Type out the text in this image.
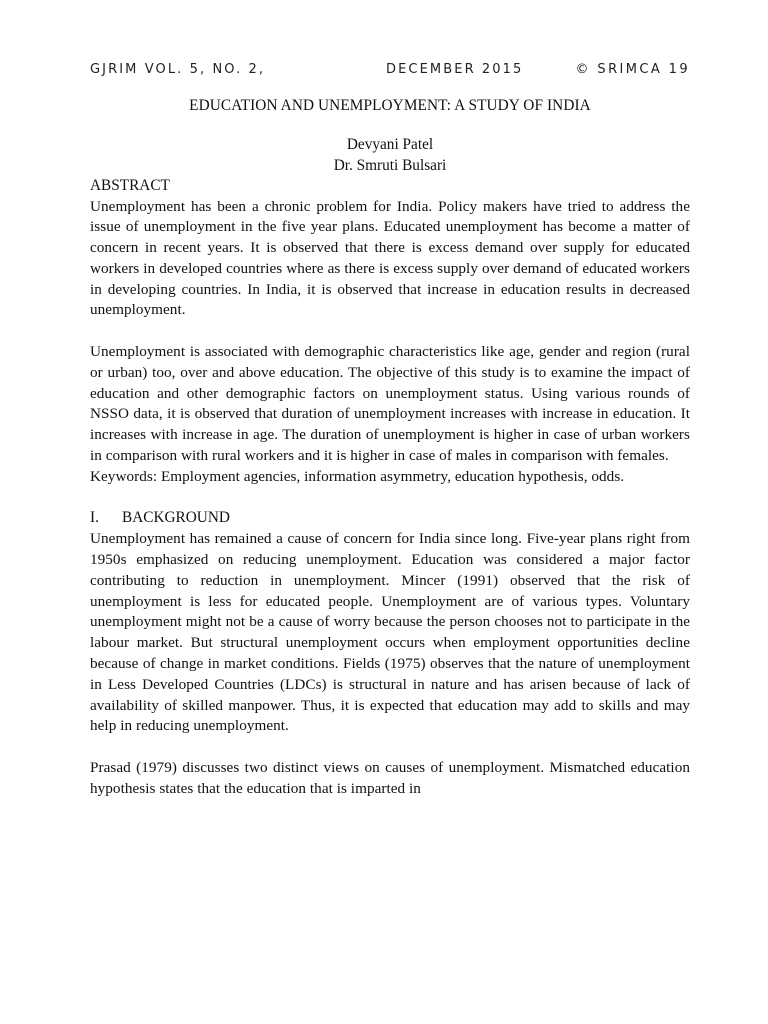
GJRIM VOL. 5, NO. 2,	DECEMBER 2015	© SRIMCA 19
EDUCATION AND UNEMPLOYMENT: A STUDY OF INDIA
Devyani Patel
Dr. Smruti Bulsari
ABSTRACT

Unemployment has been a chronic problem for India. Policy makers have tried to address the issue of unemployment in the five year plans. Educated unemployment has become a matter of concern in recent years. It is observed that there is excess demand over supply for educated workers in developed countries where as there is excess supply over demand of educated workers in developing countries. In India, it is observed that increase in education results in decreased unemployment.

Unemployment is associated with demographic characteristics like age, gender and region (rural or urban) too, over and above education. The objective of this study is to examine the impact of education and other demographic factors on unemployment status. Using various rounds of NSSO data, it is observed that duration of unemployment increases with increase in education. It increases with increase in age. The duration of unemployment is higher in case of urban workers in comparison with rural workers and it is higher in case of males in comparison with females.

Keywords: Employment agencies, information asymmetry, education hypothesis, odds.

I. BACKGROUND

Unemployment has remained a cause of concern for India since long. Five-year plans right from 1950s emphasized on reducing unemployment. Education was considered a major factor contributing to reduction in unemployment. Mincer (1991) observed that the risk of unemployment is less for educated people. Unemployment are of various types. Voluntary unemployment might not be a cause of worry because the person chooses not to participate in the labour market. But structural unemployment occurs when employment opportunities decline because of change in market conditions. Fields (1975) observes that the nature of unemployment in Less Developed Countries (LDCs) is structural in nature and has arisen because of lack of availability of skilled manpower. Thus, it is expected that education may add to skills and may help in reducing unemployment.

Prasad (1979) discusses two distinct views on causes of unemployment. Mismatched education hypothesis states that the education that is imparted in
